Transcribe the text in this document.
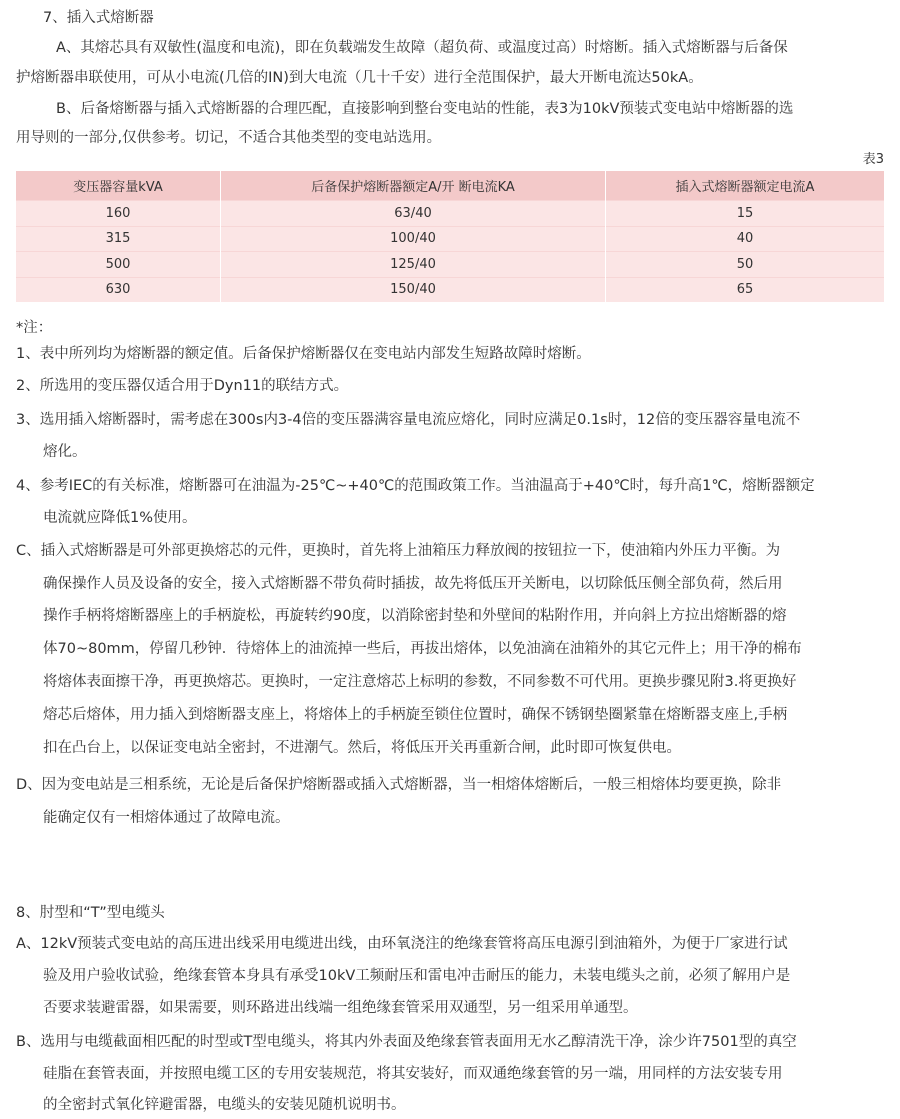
7、插入式熔断器
A、其熔芯具有双敏性(温度和电流)，即在负载端发生故障（超负荷、或温度过高）时熔断。插入式熔断器与后备保
护熔断器串联使用，可从小电流(几倍的IN)到大电流（几十千安）进行全范围保护，最大开断电流达50kA。
B、后备熔断器与插入式熔断器的合理匹配，直接影响到整台变电站的性能，表3为10kV预装式变电站中熔断器的选
用导则的一部分,仅供参考。切记，不适合其他类型的变电站选用。
表3
变压器容量kVA	后备保护熔断器额定A/开 断电流KA	插入式熔断器额定电流A
160	63/40	15
315	100/40	40
500	125/40	50
630	150/40	65
*注：
1、表中所列均为熔断器的额定值。后备保护熔断器仅在变电站内部发生短路故障时熔断。
2、所选用的变压器仅适合用于Dyn11的联结方式。
3、选用插入熔断器时，需考虑在300s内3-4倍的变压器满容量电流应熔化，同时应满足0.1s时，12倍的变压器容量电流不
熔化。
4、参考IEC的有关标准，熔断器可在油温为-25℃~+40℃的范围政策工作。当油温高于+40℃时，每升高1℃，熔断器额定
电流就应降低1%使用。
C、插入式熔断器是可外部更换熔芯的元件，更换时，首先将上油箱压力释放阀的按钮拉一下，使油箱内外压力平衡。为
确保操作人员及设备的安全，接入式熔断器不带负荷时插拔，故先将低压开关断电，以切除低压侧全部负荷，然后用
操作手柄将熔断器座上的手柄旋松，再旋转约90度，以消除密封垫和外壁间的粘附作用，并向斜上方拉出熔断器的熔
体70~80mm，停留几秒钟．待熔体上的油流掉一些后，再拔出熔体，以免油滴在油箱外的其它元件上；用干净的棉布
将熔体表面擦干净，再更换熔芯。更换时，一定注意熔芯上标明的参数，不同参数不可代用。更换步骤见附3.将更换好
熔芯后熔体，用力插入到熔断器支座上，将熔体上的手柄旋至锁住位置时，确保不锈钢垫圈紧靠在熔断器支座上,手柄
扣在凸台上，以保证变电站全密封，不进潮气。然后，将低压开关再重新合闸，此时即可恢复供电。
D、因为变电站是三相系统，无论是后备保护熔断器或插入式熔断器，当一相熔体熔断后，一般三相熔体均要更换，除非
能确定仅有一相熔体通过了故障电流。
8、肘型和“T”型电缆头
A、12kV预装式变电站的高压进出线采用电缆进出线，由环氧浇注的绝缘套管将高压电源引到油箱外，为便于厂家进行试
验及用户验收试验，绝缘套管本身具有承受10kV工频耐压和雷电冲击耐压的能力，未装电缆头之前，必须了解用户是
否要求装避雷器，如果需要，则环路进出线端一组绝缘套管采用双通型，另一组采用单通型。
B、选用与电缆截面相匹配的时型或T型电缆头，将其内外表面及绝缘套管表面用无水乙醇清洗干净，涂少许7501型的真空
硅脂在套管表面，并按照电缆工区的专用安装规范，将其安装好，而双通绝缘套管的另一端，用同样的方法安装专用
的全密封式氧化锌避雷器，电缆头的安装见随机说明书。
